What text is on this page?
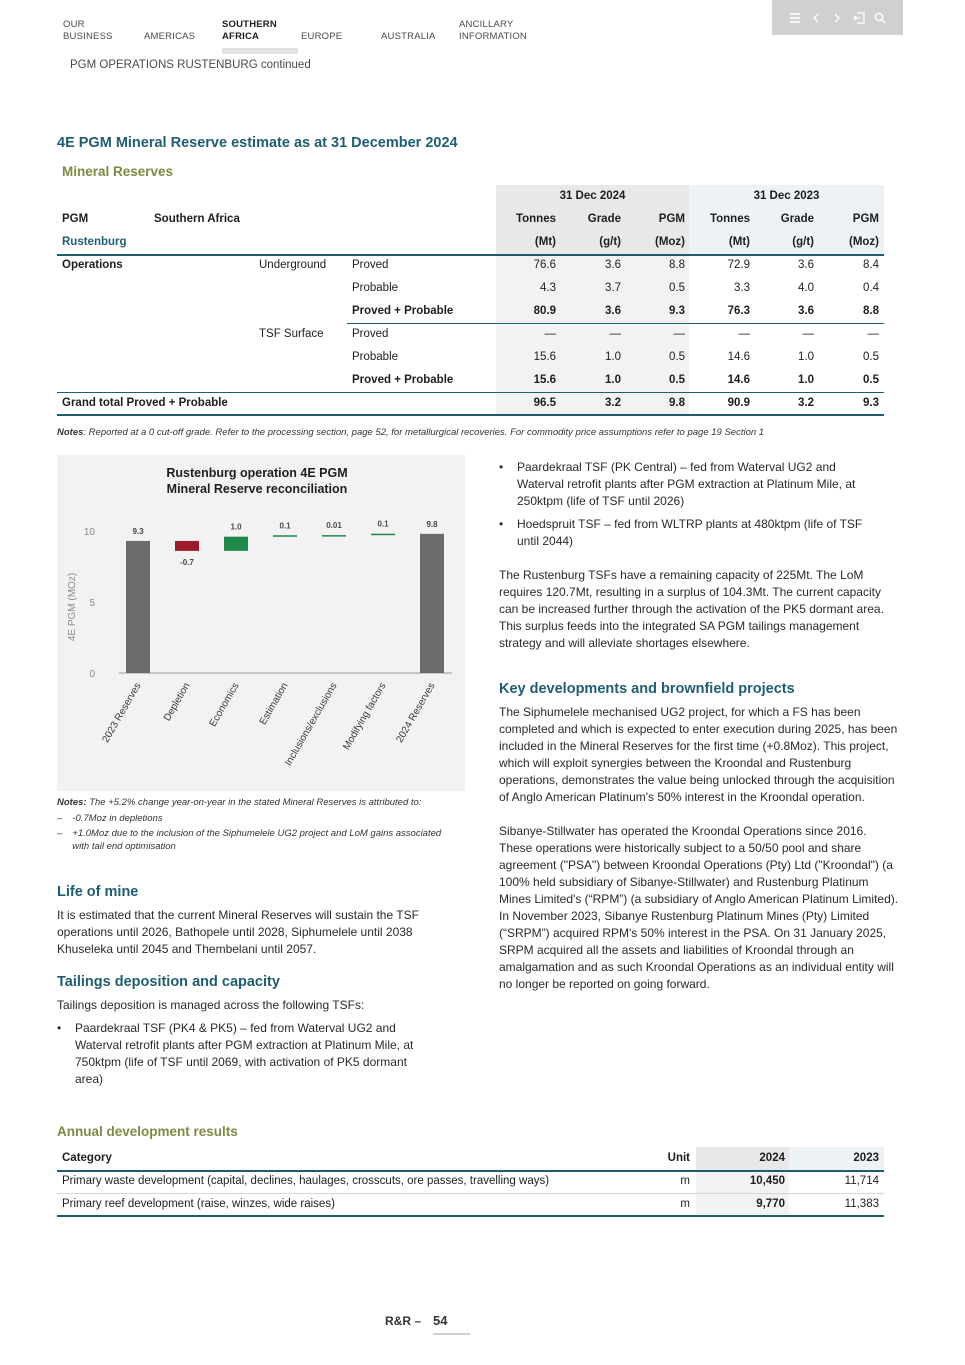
OUR
BUSINESS	AMERICAS
SOUTHERN
AFRICA	EUROPE	AUSTRALIA
ANCILLARY
INFORMATION
PGM OPERATIONS RUSTENBURG continued
4E PGM Mineral Reserve estimate as at 31 December 2024
Mineral Reserves
31 Dec 2024	31 Dec 2023
PGM	Southern Africa	Tonnes	Grade	PGM	Tonnes	Grade	PGM
Rustenburg	(Mt)	(g/t)	(Moz)	(Mt)	(g/t)	(Moz)
Operations	Underground Proved	76.6	3.6	8.8	72.9	3.6	8.4
Probable	4.3	3.7	0.5	3.3	4.0	0.4
Proved + Probable	80.9	3.6	9.3	76.3	3.6	8.8
TSF Surface Proved	—	—	—	—	—	—
Probable	15.6	1.0	0.5	14.6	1.0	0.5
Proved + Probable	15.6	1.0	0.5	14.6	1.0	0.5
Grand total Proved + Probable	96.5	3.2	9.8	90.9	3.2	9.3
Notes: Reported at a 0 cut-off grade. Refer to the processing section, page 52, for metallurgical recoveries. For commodity price assumptions refer to page 19 Section 1
Rustenburg operation 4E PGM
Mineral Reserve reconciliation
4E PGM (MOz)
0
5
10	9.3
2023 Reserves
-0.7
Depletion
1.0
Economics
0.1
Estimation
0.01
Inclusions/exclusions
0.1
Modifying factors
9.8
2024 Reserves
Notes: The +5.2% change year-on-year in the stated Mineral Reserves is attributed to:
– -0.7Moz in depletions
– +1.0Moz due to the inclusion of the Siphumelele UG2 project and LoM gains associated with tail end optimisation
Life of mine

It is estimated that the current Mineral Reserves will sustain the TSF operations until 2026, Bathopele until 2028, Siphumelele until 2038 Khuseleka until 2045 and Thembelani until 2057.

Tailings deposition and capacity

Tailings deposition is managed across the following TSFs:

•	Paardekraal TSF (PK4 & PK5) – fed from Waterval UG2 and Waterval retrofit plants after PGM extraction at Platinum Mile, at 750ktpm (life of TSF until 2069, with activation of PK5 dormant area)
•	Paardekraal TSF (PK Central) – fed from Waterval UG2 and Waterval retrofit plants after PGM extraction at Platinum Mile, at 250ktpm (life of TSF until 2026)
•	Hoedspruit TSF – fed from WLTRP plants at 480ktpm (life of TSF until 2044)

The Rustenburg TSFs have a remaining capacity of 225Mt. The LoM requires 120.7Mt, resulting in a surplus of 104.3Mt. The current capacity can be increased further through the activation of the PK5 dormant area. This surplus feeds into the integrated SA PGM tailings management strategy and will alleviate shortages elsewhere.

Key developments and brownfield projects

The Siphumelele mechanised UG2 project, for which a FS has been completed and which is expected to enter execution during 2025, has been included in the Mineral Reserves for the first time (+0.8Moz). This project, which will exploit synergies between the Kroondal and Rustenburg operations, demonstrates the value being unlocked through the acquisition of Anglo American Platinum's 50% interest in the Kroondal operation.

Sibanye-Stillwater has operated the Kroondal Operations since 2016. These operations were historically subject to a 50/50 pool and share agreement ("PSA") between Kroondal Operations (Pty) Ltd ("Kroondal") (a 100% held subsidiary of Sibanye-Stillwater) and Rustenburg Platinum Mines Limited's (“RPM”) (a subsidiary of Anglo American Platinum Limited). In November 2023, Sibanye Rustenburg Platinum Mines (Pty) Limited (“SRPM”) acquired RPM's 50% interest in the PSA. On 31 January 2025, SRPM acquired all the assets and liabilities of Kroondal through an amalgamation and as such Kroondal Operations as an individual entity will no longer be reported on going forward.

Annual development results
Category	Unit	2024	2023
Primary waste development (capital, declines, haulages, crosscuts, ore passes, travelling ways)	m	10,450	11,714
Primary reef development (raise, winzes, wide raises)	m	9,770	11,383
R&R – 54
